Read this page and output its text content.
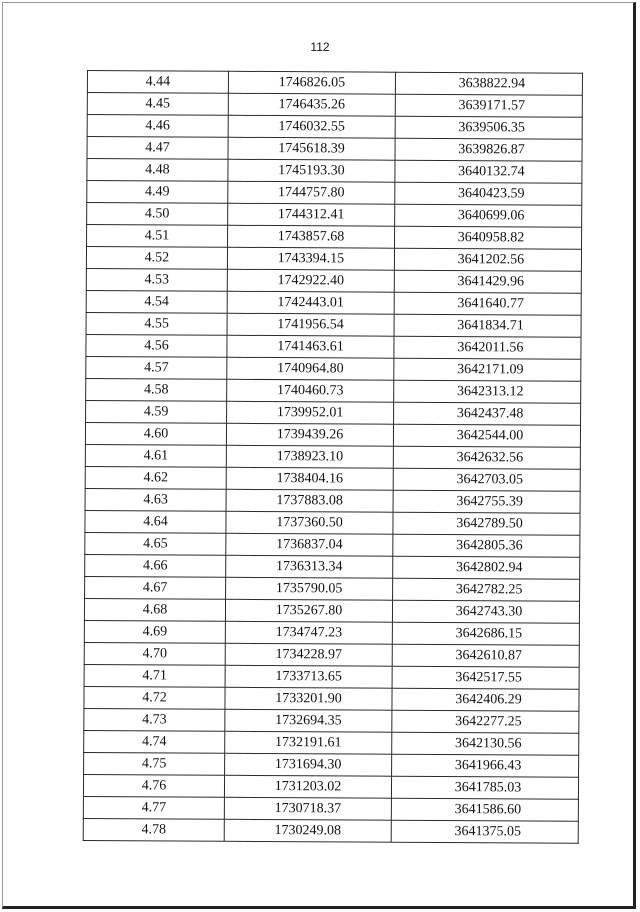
112
4.44	1746826.05	3638822.94
4.45	1746435.26	3639171.57
4.46	1746032.55	3639506.35
4.47	1745618.39	3639826.87
4.48	1745193.30	3640132.74
4.49	1744757.80	3640423.59
4.50	1744312.41	3640699.06
4.51	1743857.68	3640958.82
4.52	1743394.15	3641202.56
4.53	1742922.40	3641429.96
4.54	1742443.01	3641640.77
4.55	1741956.54	3641834.71
4.56	1741463.61	3642011.56
4.57	1740964.80	3642171.09
4.58	1740460.73	3642313.12
4.59	1739952.01	3642437.48
4.60	1739439.26	3642544.00
4.61	1738923.10	3642632.56
4.62	1738404.16	3642703.05
4.63	1737883.08	3642755.39
4.64	1737360.50	3642789.50
4.65	1736837.04	3642805.36
4.66	1736313.34	3642802.94
4.67	1735790.05	3642782.25
4.68	1735267.80	3642743.30
4.69	1734747.23	3642686.15
4.70	1734228.97	3642610.87
4.71	1733713.65	3642517.55
4.72	1733201.90	3642406.29
4.73	1732694.35	3642277.25
4.74	1732191.61	3642130.56
4.75	1731694.30	3641966.43
4.76	1731203.02	3641785.03
4.77	1730718.37	3641586.60
4.78	1730249.08	3641375.05
